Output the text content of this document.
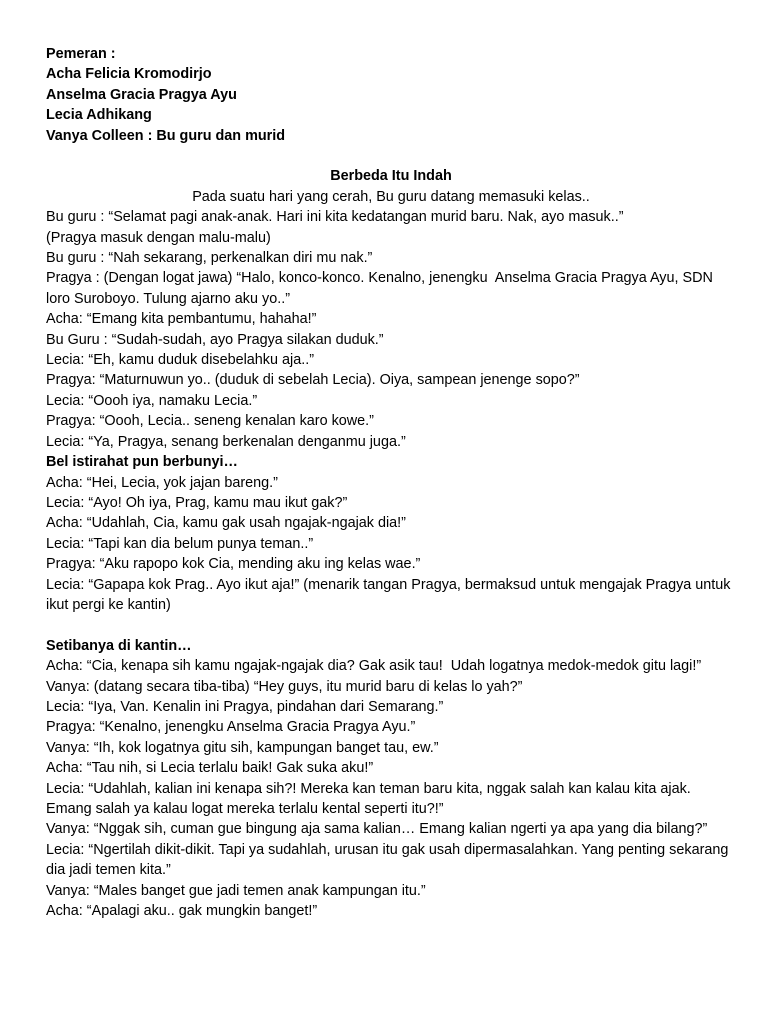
Pemeran :
Acha Felicia Kromodirjo
Anselma Gracia Pragya Ayu
Lecia Adhikang
Vanya Colleen : Bu guru dan murid
Berbeda Itu Indah
Pada suatu hari yang cerah, Bu guru datang memasuki kelas..
Bu guru : “Selamat pagi anak-anak. Hari ini kita kedatangan murid baru. Nak, ayo masuk..”
(Pragya masuk dengan malu-malu)
Bu guru : “Nah sekarang, perkenalkan diri mu nak.”
Pragya : (Dengan logat jawa) “Halo, konco-konco. Kenalno, jenengku  Anselma Gracia Pragya Ayu, SDN loro Suroboyo. Tulung ajarno aku yo..”
Acha: “Emang kita pembantumu, hahaha!”
Bu Guru : “Sudah-sudah, ayo Pragya silakan duduk.”
Lecia: “Eh, kamu duduk disebelahku aja..”
Pragya: “Maturnuwun yo.. (duduk di sebelah Lecia). Oiya, sampean jenenge sopo?”
Lecia: “Oooh iya, namaku Lecia.”
Pragya: “Oooh, Lecia.. seneng kenalan karo kowe.”
Lecia: “Ya, Pragya, senang berkenalan denganmu juga.”
Bel istirahat pun berbunyi…
Acha: “Hei, Lecia, yok jajan bareng.”
Lecia: “Ayo! Oh iya, Prag, kamu mau ikut gak?”
Acha: “Udahlah, Cia, kamu gak usah ngajak-ngajak dia!”
Lecia: “Tapi kan dia belum punya teman..”
Pragya: “Aku rapopo kok Cia, mending aku ing kelas wae.”
Lecia: “Gapapa kok Prag.. Ayo ikut aja!” (menarik tangan Pragya, bermaksud untuk mengajak Pragya untuk ikut pergi ke kantin)
Setibanya di kantin…
Acha: “Cia, kenapa sih kamu ngajak-ngajak dia? Gak asik tau!  Udah logatnya medok-medok gitu lagi!”
Vanya: (datang secara tiba-tiba) “Hey guys, itu murid baru di kelas lo yah?”
Lecia: “Iya, Van. Kenalin ini Pragya, pindahan dari Semarang.”
Pragya: “Kenalno, jenengku Anselma Gracia Pragya Ayu.”
Vanya: “Ih, kok logatnya gitu sih, kampungan banget tau, ew.”
Acha: “Tau nih, si Lecia terlalu baik! Gak suka aku!”
Lecia: “Udahlah, kalian ini kenapa sih?! Mereka kan teman baru kita, nggak salah kan kalau kita ajak. Emang salah ya kalau logat mereka terlalu kental seperti itu?!”
Vanya: “Nggak sih, cuman gue bingung aja sama kalian… Emang kalian ngerti ya apa yang dia bilang?”
Lecia: “Ngertilah dikit-dikit. Tapi ya sudahlah, urusan itu gak usah dipermasalahkan. Yang penting sekarang dia jadi temen kita.”
Vanya: “Males banget gue jadi temen anak kampungan itu.”
Acha: “Apalagi aku.. gak mungkin banget!”
